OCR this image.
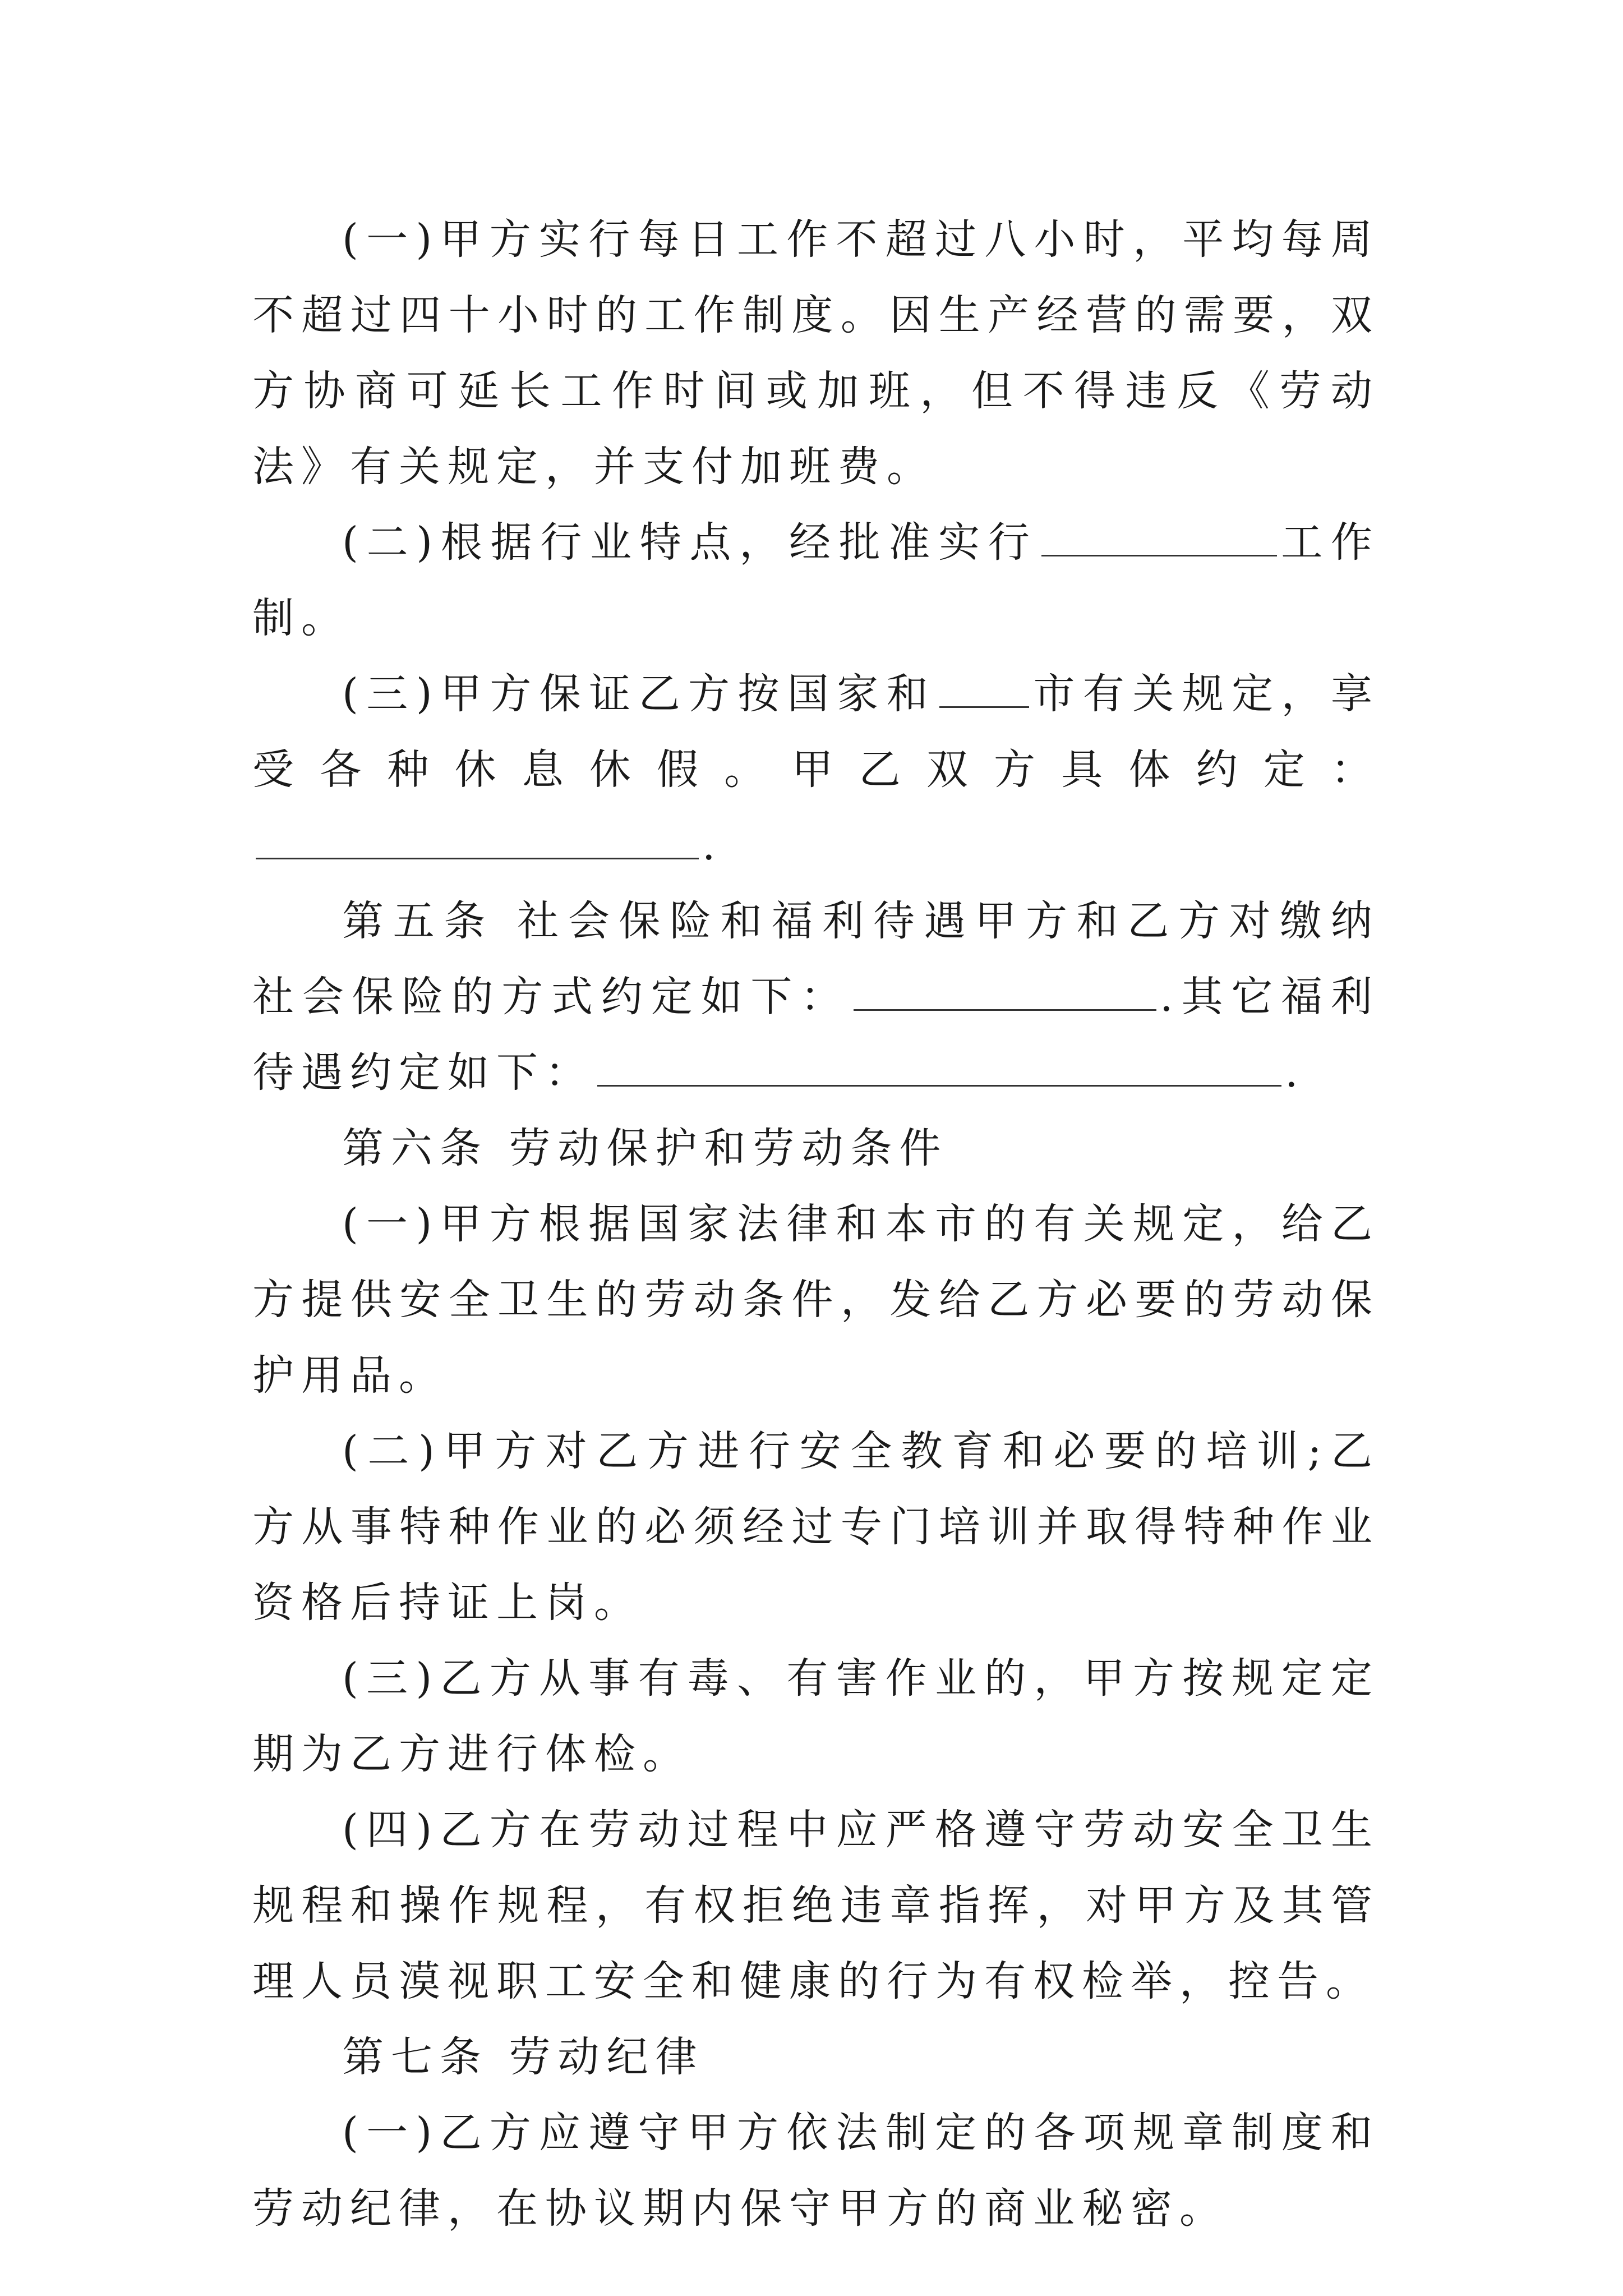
(一)甲方实行每日工作不超过八小时，平均每周不超过四十小时的工作制度。因生产经营的需要，双方协商可延长工作时间或加班，但不得违反《劳动法》有关规定，并支付加班费。

(二)根据行业特点，经批准实行	工作制。

(三)甲方保证乙方按国家和 市有关规定，享受各种休息休假。甲乙双方具体约定：.

第五条 社会保险和福利待遇甲方和乙方对缴纳社会保险的方式约定如下：	.其它福利待遇约定如下：	.

第六条 劳动保护和劳动条件

(一)甲方根据国家法律和本市的有关规定，给乙方提供安全卫生的劳动条件，发给乙方必要的劳动保护用品。

(二)甲方对乙方进行安全教育和必要的培训;乙方从事特种作业的必须经过专门培训并取得特种作业资格后持证上岗。

(三)乙方从事有毒、有害作业的，甲方按规定定期为乙方进行体检。

(四)乙方在劳动过程中应严格遵守劳动安全卫生规程和操作规程，有权拒绝违章指挥，对甲方及其管理人员漠视职工安全和健康的行为有权检举，控告。

第七条 劳动纪律

(一)乙方应遵守甲方依法制定的各项规章制度和劳动纪律，在协议期内保守甲方的商业秘密。
